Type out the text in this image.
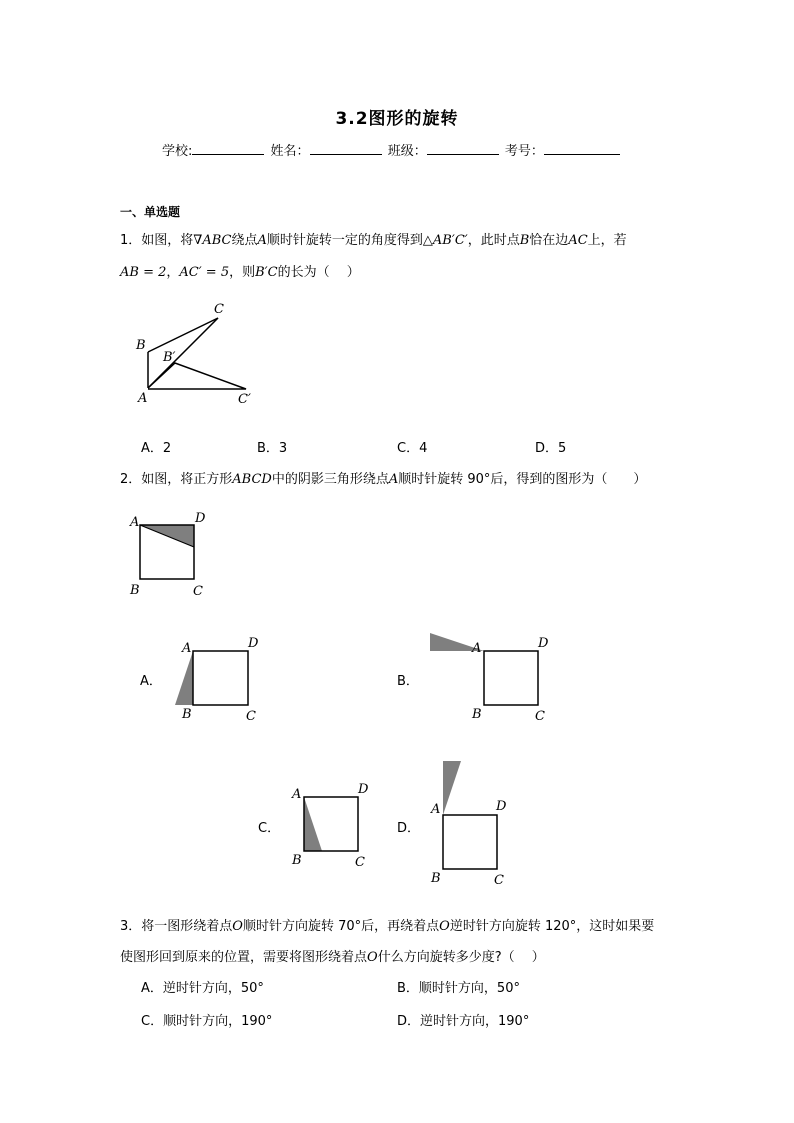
3.2图形的旋转
学校:	姓名：	班级：	考号：
一、单选题
1．如图，将∇ABC绕点A顺时针旋转一定的角度得到△AB′C′，此时点B恰在边AC上，若
AB = 2，AC′ = 5，则B′C的长为（　 ）
A．2	B．3	C．4	D．5
2．如图，将正方形ABCD中的阴影三角形绕点A顺时针旋转 90°后，得到的图形为（　　）
A．	B．
C．	D．
3．将一图形绕着点O顺时针方向旋转 70°后，再绕着点O逆时针方向旋转 120°，这时如果要
使图形回到原来的位置，需要将图形绕着点O什么方向旋转多少度?（　 ）
A．逆时针方向，50°	B．顺时针方向，50°
C．顺时针方向，190°	D．逆时针方向，190°
B
C
B′
A	C′
A	D
B	C
A	D
B	C
A	D
B	C
A	D
B	C
A	D
B	C
